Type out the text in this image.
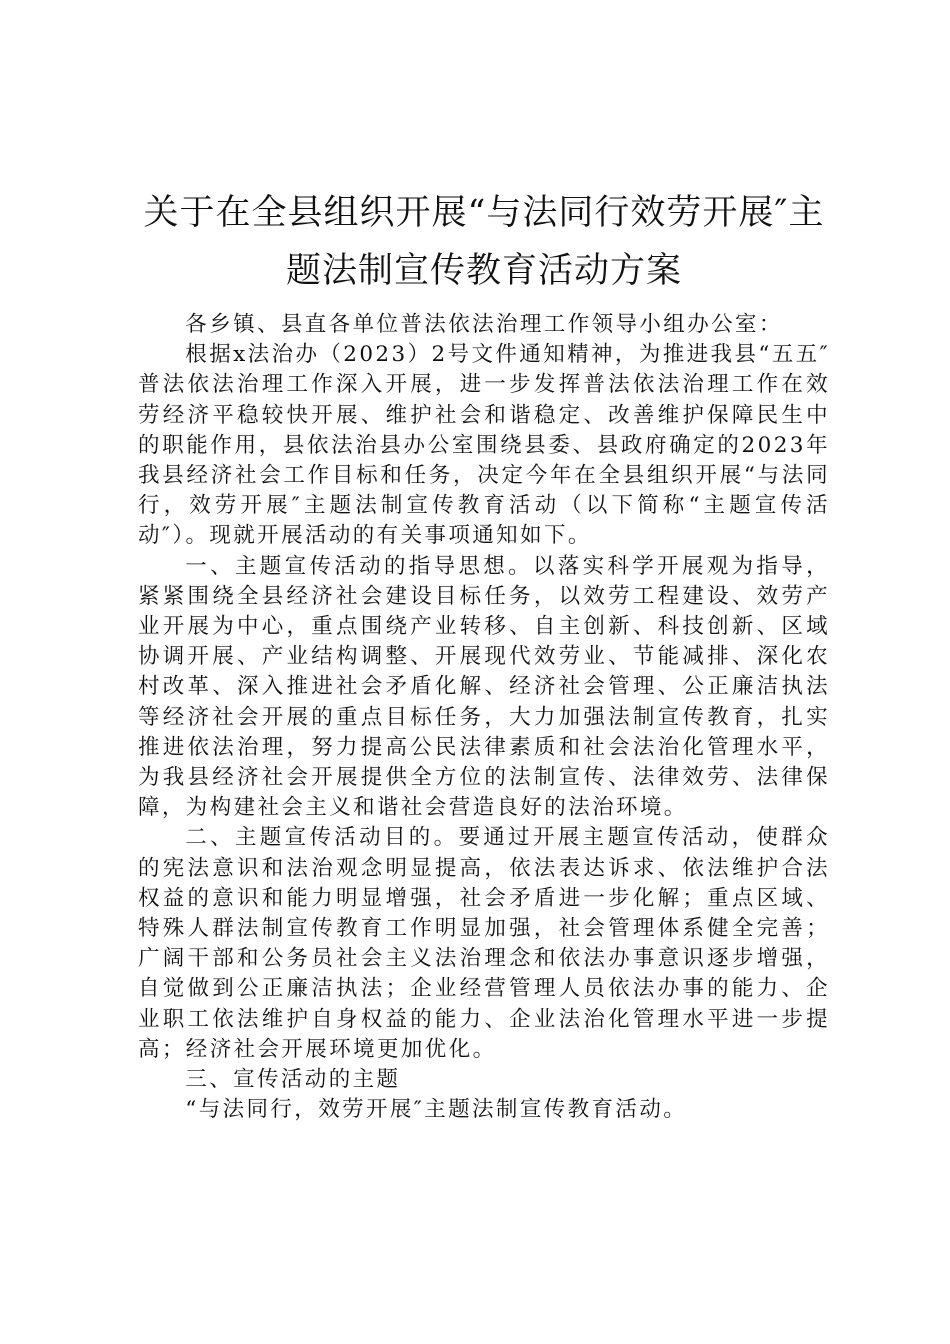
关于在全县组织开展“与法同行效劳开展″主
题法制宣传教育活动方案

各乡镇、县直各单位普法依法治理工作领导小组办公室：

根据x法治办（2023）2号文件通知精神，为推进我县“五五″普法依法治理工作深入开展，进一步发挥普法依法治理工作在效劳经济平稳较快开展、维护社会和谐稳定、改善维护保障民生中的职能作用，县依法治县办公室围绕县委、县政府确定的2023年我县经济社会工作目标和任务，决定今年在全县组织开展“与法同行，效劳开展″主题法制宣传教育活动（以下简称“主题宣传活动″）。现就开展活动的有关事项通知如下。

一、主题宣传活动的指导思想。以落实科学开展观为指导，紧紧围绕全县经济社会建设目标任务，以效劳工程建设、效劳产业开展为中心，重点围绕产业转移、自主创新、科技创新、区域协调开展、产业结构调整、开展现代效劳业、节能减排、深化农村改革、深入推进社会矛盾化解、经济社会管理、公正廉洁执法等经济社会开展的重点目标任务，大力加强法制宣传教育，扎实推进依法治理，努力提高公民法律素质和社会法治化管理水平，为我县经济社会开展提供全方位的法制宣传、法律效劳、法律保障，为构建社会主义和谐社会营造良好的法治环境。

二、主题宣传活动目的。要通过开展主题宣传活动，使群众的宪法意识和法治观念明显提高，依法表达诉求、依法维护合法权益的意识和能力明显增强，社会矛盾进一步化解；重点区域、特殊人群法制宣传教育工作明显加强，社会管理体系健全完善；广阔干部和公务员社会主义法治理念和依法办事意识逐步增强，自觉做到公正廉洁执法；企业经营管理人员依法办事的能力、企业职工依法维护自身权益的能力、企业法治化管理水平进一步提高；经济社会开展环境更加优化。

三、宣传活动的主题

“与法同行，效劳开展″主题法制宣传教育活动。
